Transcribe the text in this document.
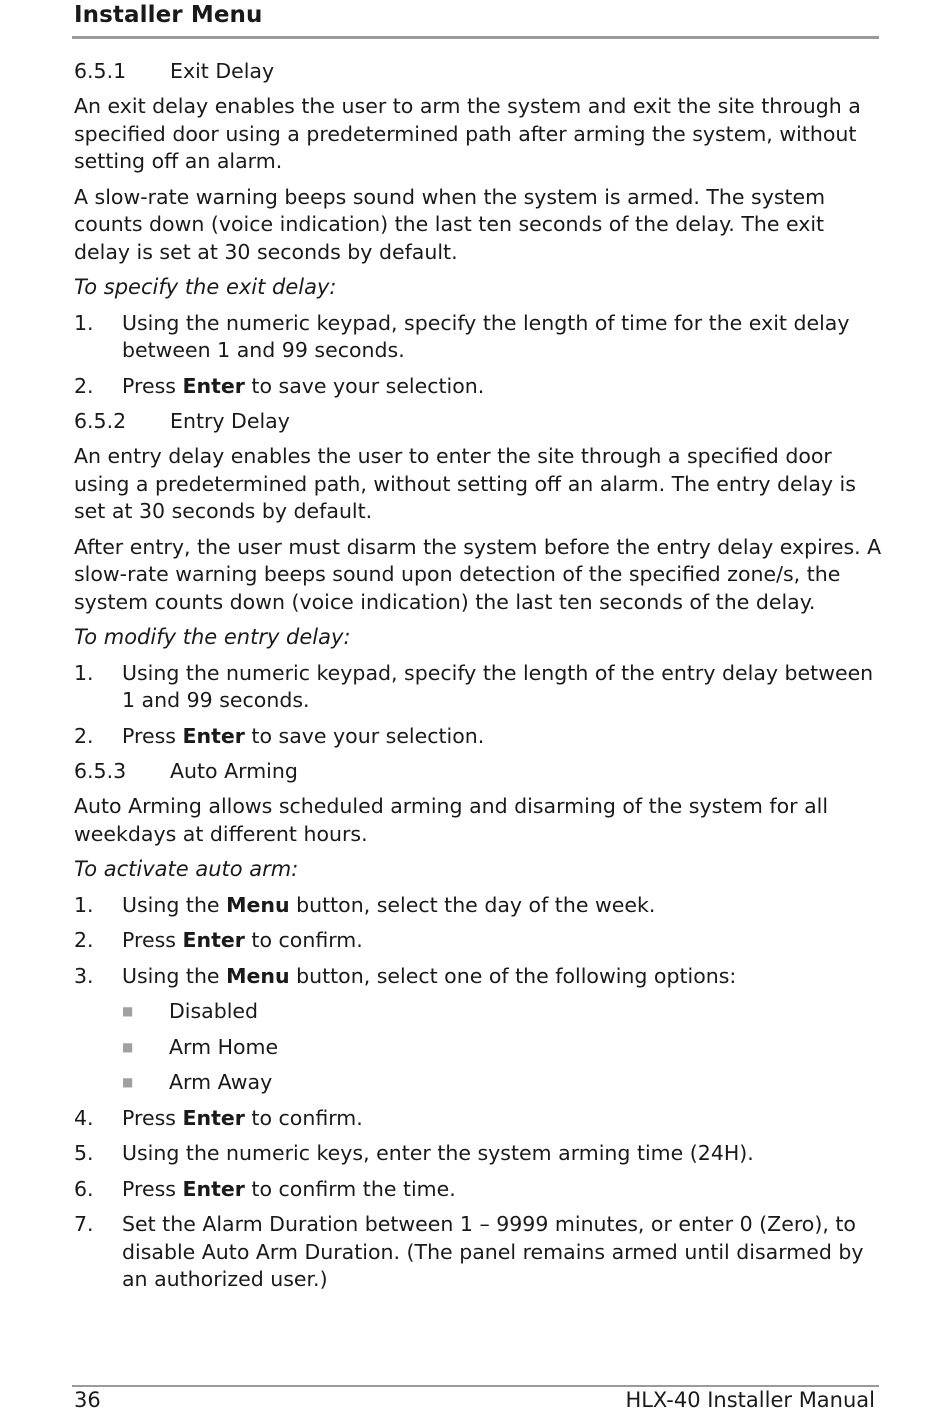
Installer Menu
6.5.1 Exit Delay
An exit delay enables the user to arm the system and exit the site through a specified door using a predetermined path after arming the system, without setting off an alarm.
A slow-rate warning beeps sound when the system is armed. The system counts down (voice indication) the last ten seconds of the delay. The exit delay is set at 30 seconds by default.
To specify the exit delay:
1.	Using the numeric keypad, specify the length of time for the exit delay between 1 and 99 seconds.
2.	Press Enter to save your selection.
6.5.2 Entry Delay
An entry delay enables the user to enter the site through a specified door using a predetermined path, without setting off an alarm. The entry delay is set at 30 seconds by default.
After entry, the user must disarm the system before the entry delay expires. A slow-rate warning beeps sound upon detection of the specified zone/s, the system counts down (voice indication) the last ten seconds of the delay.
To modify the entry delay:
1.	Using the numeric keypad, specify the length of the entry delay between 1 and 99 seconds.
2.	Press Enter to save your selection.
6.5.3 Auto Arming
Auto Arming allows scheduled arming and disarming of the system for all weekdays at different hours.
To activate auto arm:
1.	Using the Menu button, select the day of the week.
2.	Press Enter to confirm.
3.	Using the Menu button, select one of the following options:
■	Disabled
■	Arm Home
■	Arm Away
4.	Press Enter to confirm.
5.	Using the numeric keys, enter the system arming time (24H).
6.	Press Enter to confirm the time.
7.	Set the Alarm Duration between 1 – 9999 minutes, or enter 0 (Zero), to disable Auto Arm Duration. (The panel remains armed until disarmed by an authorized user.)
36	HLX-40 Installer Manual
